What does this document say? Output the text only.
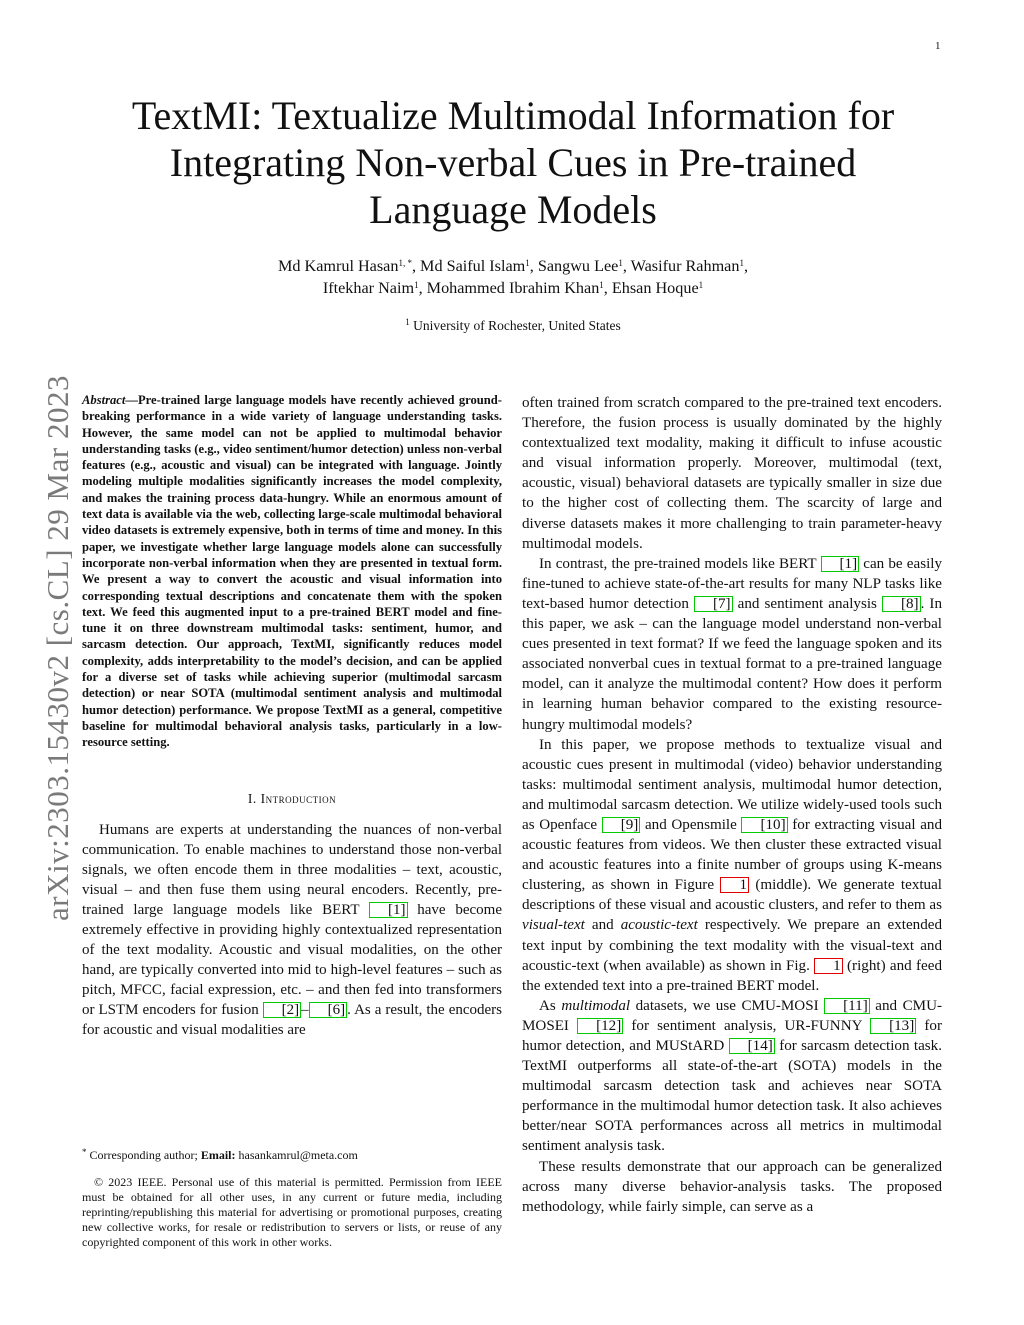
1
arXiv:2303.15430v2 [cs.CL] 29 Mar 2023
TextMI: Textualize Multimodal Information for
Integrating Non-verbal Cues in Pre-trained
Language Models
Md Kamrul Hasan$^{1, *}$, Md Saiful Islam$^1$, Sangwu Lee$^1$, Wasifur Rahman$^1$,
Iftekhar Naim$^1$, Mohammed Ibrahim Khan$^1$, Ehsan Hoque$^1$
$^1$ University of Rochester, United States

Abstract—Pre-trained large language models have recently achieved ground-breaking performance in a wide variety of language understanding tasks. However, the same model can not be applied to multimodal behavior understanding tasks (e.g., video sentiment/humor detection) unless non-verbal features (e.g., acoustic and visual) can be integrated with language. Jointly modeling multiple modalities significantly increases the model complexity, and makes the training process data-hungry. While an enormous amount of text data is available via the web, collecting large-scale multimodal behavioral video datasets is extremely expensive, both in terms of time and money. In this paper, we investigate whether large language models alone can successfully incorporate non-verbal information when they are presented in textual form. We present a way to convert the acoustic and visual information into corresponding textual descriptions and concatenate them with the spoken text. We feed this augmented input to a pre-trained BERT model and fine-tune it on three downstream multimodal tasks: sentiment, humor, and sarcasm detection. Our approach, TextMI, significantly reduces model complexity, adds interpretability to the model’s decision, and can be applied for a diverse set of tasks while achieving superior (multimodal sarcasm detection) or near SOTA (multimodal sentiment analysis and multimodal humor detection) performance. We propose TextMI as a general, competitive baseline for multimodal behavioral analysis tasks, particularly in a low-resource setting.

I. Introduction

Humans are experts at understanding the nuances of non-verbal communication. To enable machines to understand those non-verbal signals, we often encode them in three modalities – text, acoustic, visual – and then fuse them using neural encoders. Recently, pre-trained large language models like BERT [1] have become extremely effective in providing highly contextualized representation of the text modality. Acoustic and visual modalities, on the other hand, are typically converted into mid to high-level features – such as pitch, MFCC, facial expression, etc. – and then fed into transformers or LSTM encoders for fusion [2] – [6] . As a result, the encoders for acoustic and visual modalities are

often trained from scratch compared to the pre-trained text encoders. Therefore, the fusion process is usually dominated by the highly contextualized text modality, making it difficult to infuse acoustic and visual information properly. Moreover, multimodal (text, acoustic, visual) behavioral datasets are typically smaller in size due to the higher cost of collecting them. The scarcity of large and diverse datasets makes it more challenging to train parameter-heavy multimodal models.

In contrast, the pre-trained models like BERT [1] can be easily fine-tuned to achieve state-of-the-art results for many NLP tasks like text-based humor detection [7] and sentiment analysis [8] . In this paper, we ask – can the language model understand non-verbal cues presented in text format? If we feed the language spoken and its associated nonverbal cues in textual format to a pre-trained language model, can it analyze the multimodal content? How does it perform in learning human behavior compared to the existing resource-hungry multimodal models?

In this paper, we propose methods to textualize visual and acoustic cues present in multimodal (video) behavior understanding tasks: multimodal sentiment analysis, multimodal humor detection, and multimodal sarcasm detection. We utilize widely-used tools such as Openface [9] and Opensmile [10] for extracting visual and acoustic features from videos. We then cluster these extracted visual and acoustic features into a finite number of groups using K-means clustering, as shown in Figure 1 (middle). We generate textual descriptions of these visual and acoustic clusters, and refer to them as visual-text and acoustic-text respectively. We prepare an extended text input by combining the text modality with the visual-text and acoustic-text (when available) as shown in Fig. 1 (right) and feed the extended text into a pre-trained BERT model.

As multimodal datasets, we use CMU-MOSI [11] and CMU-MOSEI [12] for sentiment analysis, UR-FUNNY [13] for humor detection, and MUStARD [14] for sarcasm detection task. TextMI outperforms all state-of-the-art (SOTA) models in the multimodal sarcasm detection task and achieves near SOTA performance in the multimodal humor detection task. It also achieves better/near SOTA performances across all metrics in multimodal sentiment analysis task.

These results demonstrate that our approach can be generalized across many diverse behavior-analysis tasks. The proposed methodology, while fairly simple, can serve as a

* Corresponding author; Email: hasankamrul@meta.com
© 2023 IEEE. Personal use of this material is permitted. Permission from IEEE must be obtained for all other uses, in any current or future media, including reprinting/republishing this material for advertising or promotional purposes, creating new collective works, for resale or redistribution to servers or lists, or reuse of any copyrighted component of this work in other works.
